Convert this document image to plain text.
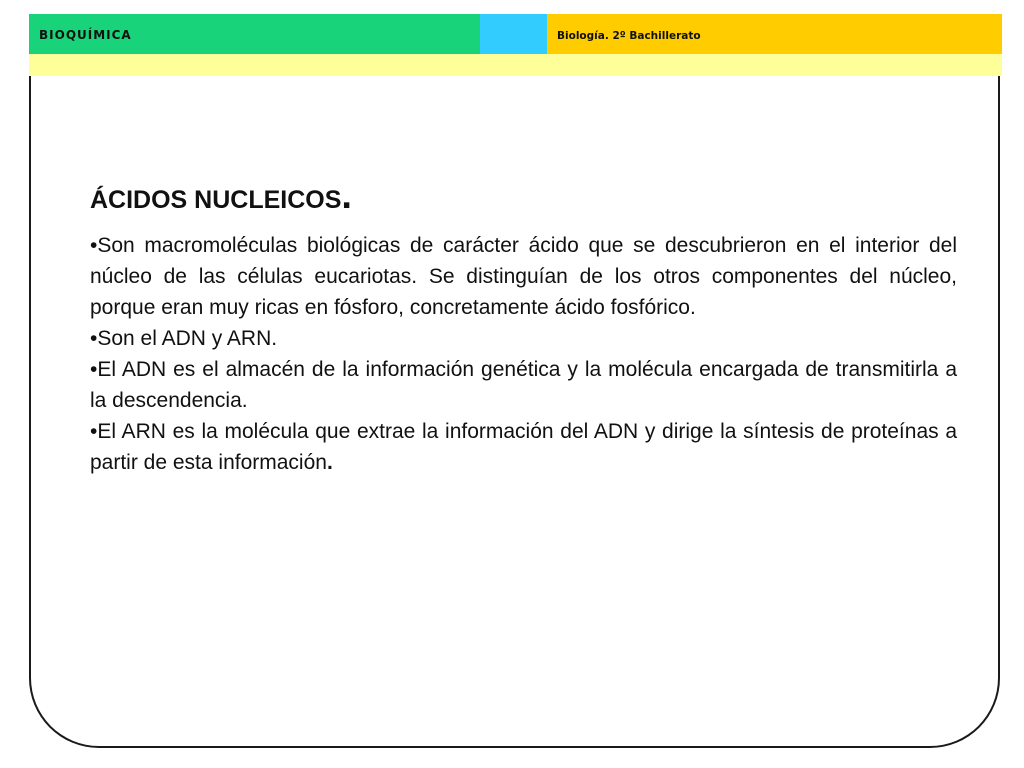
BIOQUÍMICA	Biología. 2º Bachillerato
ÁCIDOS NUCLEICOS.

•Son macromoléculas biológicas de carácter ácido que se descubrieron en el interior del núcleo de las células eucariotas. Se distinguían de los otros componentes del núcleo, porque eran muy ricas en fósforo, concretamente ácido fosfórico.

•Son el ADN y ARN.

•El ADN es el almacén de la información genética y la molécula encargada de transmitirla a la descendencia.

•El ARN es la molécula que extrae la información del ADN y dirige la síntesis de proteínas a partir de esta información.
